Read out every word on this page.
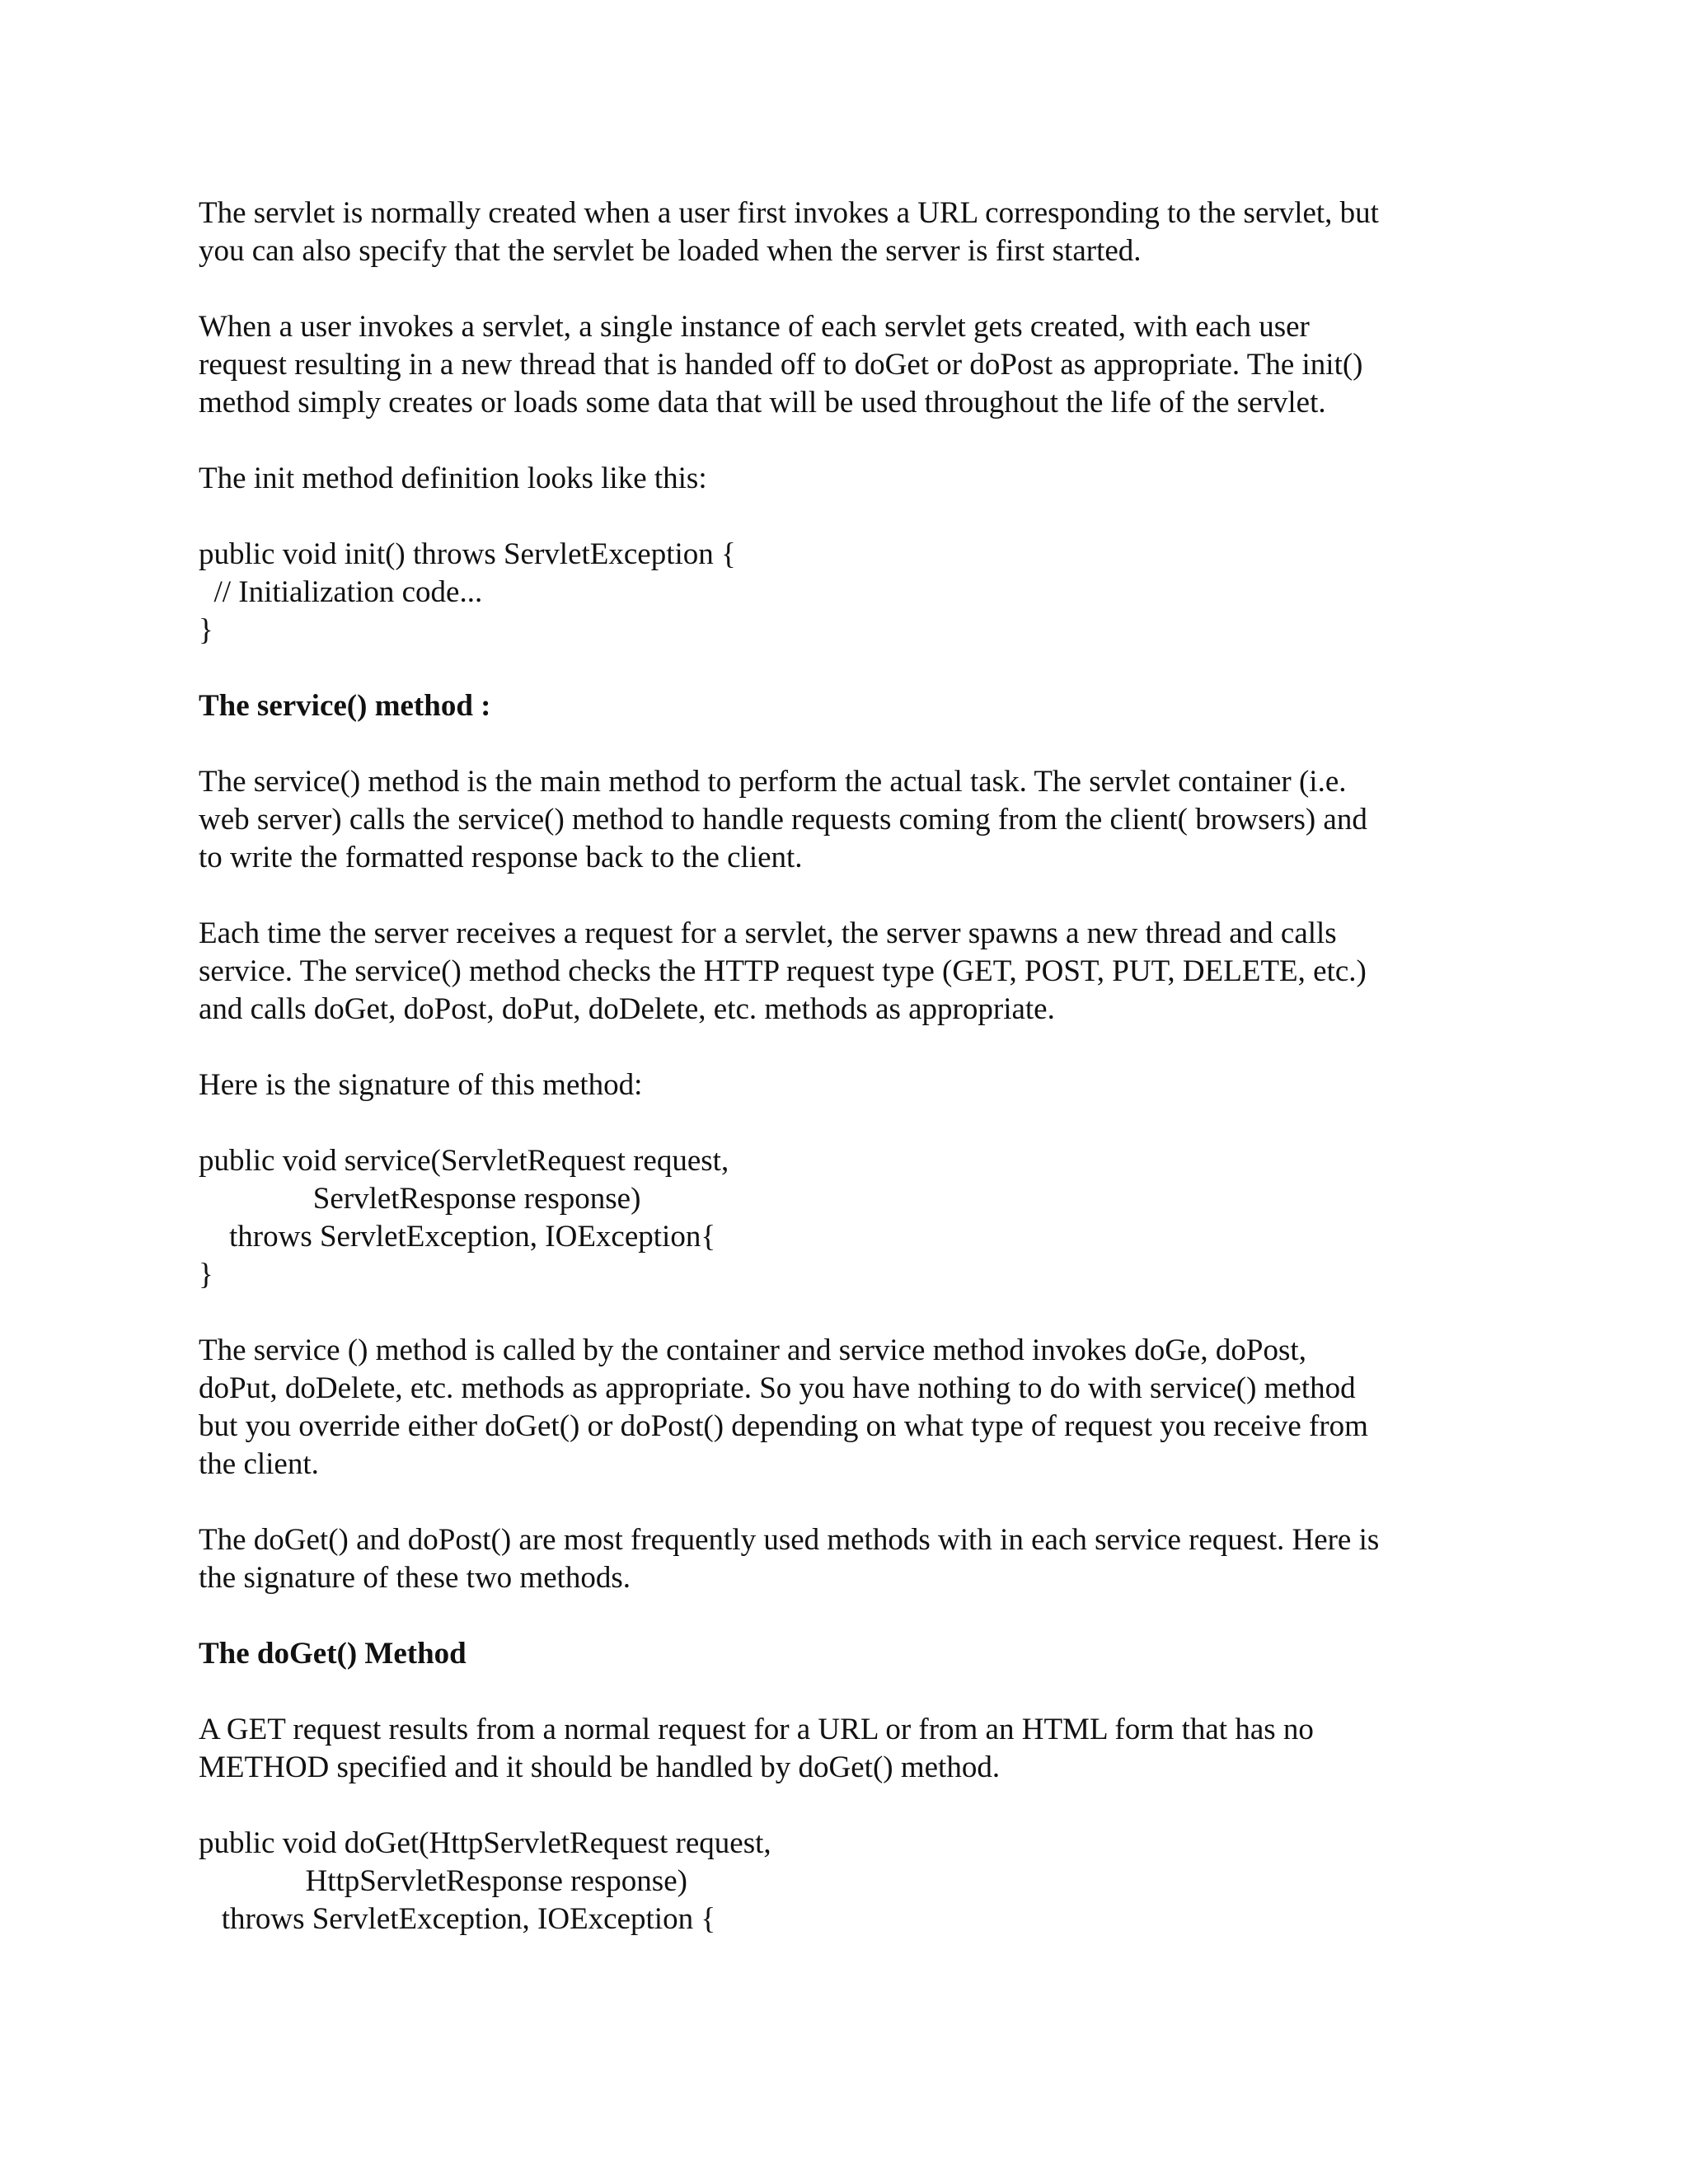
The servlet is normally created when a user first invokes a URL corresponding to the servlet, but
you can also specify that the servlet be loaded when the server is first started.
When a user invokes a servlet, a single instance of each servlet gets created, with each user
request resulting in a new thread that is handed off to doGet or doPost as appropriate. The init()
method simply creates or loads some data that will be used throughout the life of the servlet.
The init method definition looks like this:
public void init() throws ServletException {
// Initialization code...
}
The service() method :
The service() method is the main method to perform the actual task. The servlet container (i.e.
web server) calls the service() method to handle requests coming from the client( browsers) and
to write the formatted response back to the client.
Each time the server receives a request for a servlet, the server spawns a new thread and calls
service. The service() method checks the HTTP request type (GET, POST, PUT, DELETE, etc.)
and calls doGet, doPost, doPut, doDelete, etc. methods as appropriate.
Here is the signature of this method:
public void service(ServletRequest request,
ServletResponse response)
throws ServletException, IOException{
}
The service () method is called by the container and service method invokes doGe, doPost,
doPut, doDelete, etc. methods as appropriate. So you have nothing to do with service() method
but you override either doGet() or doPost() depending on what type of request you receive from
the client.
The doGet() and doPost() are most frequently used methods with in each service request. Here is
the signature of these two methods.
The doGet() Method
A GET request results from a normal request for a URL or from an HTML form that has no
METHOD specified and it should be handled by doGet() method.
public void doGet(HttpServletRequest request,
HttpServletResponse response)
throws ServletException, IOException {
